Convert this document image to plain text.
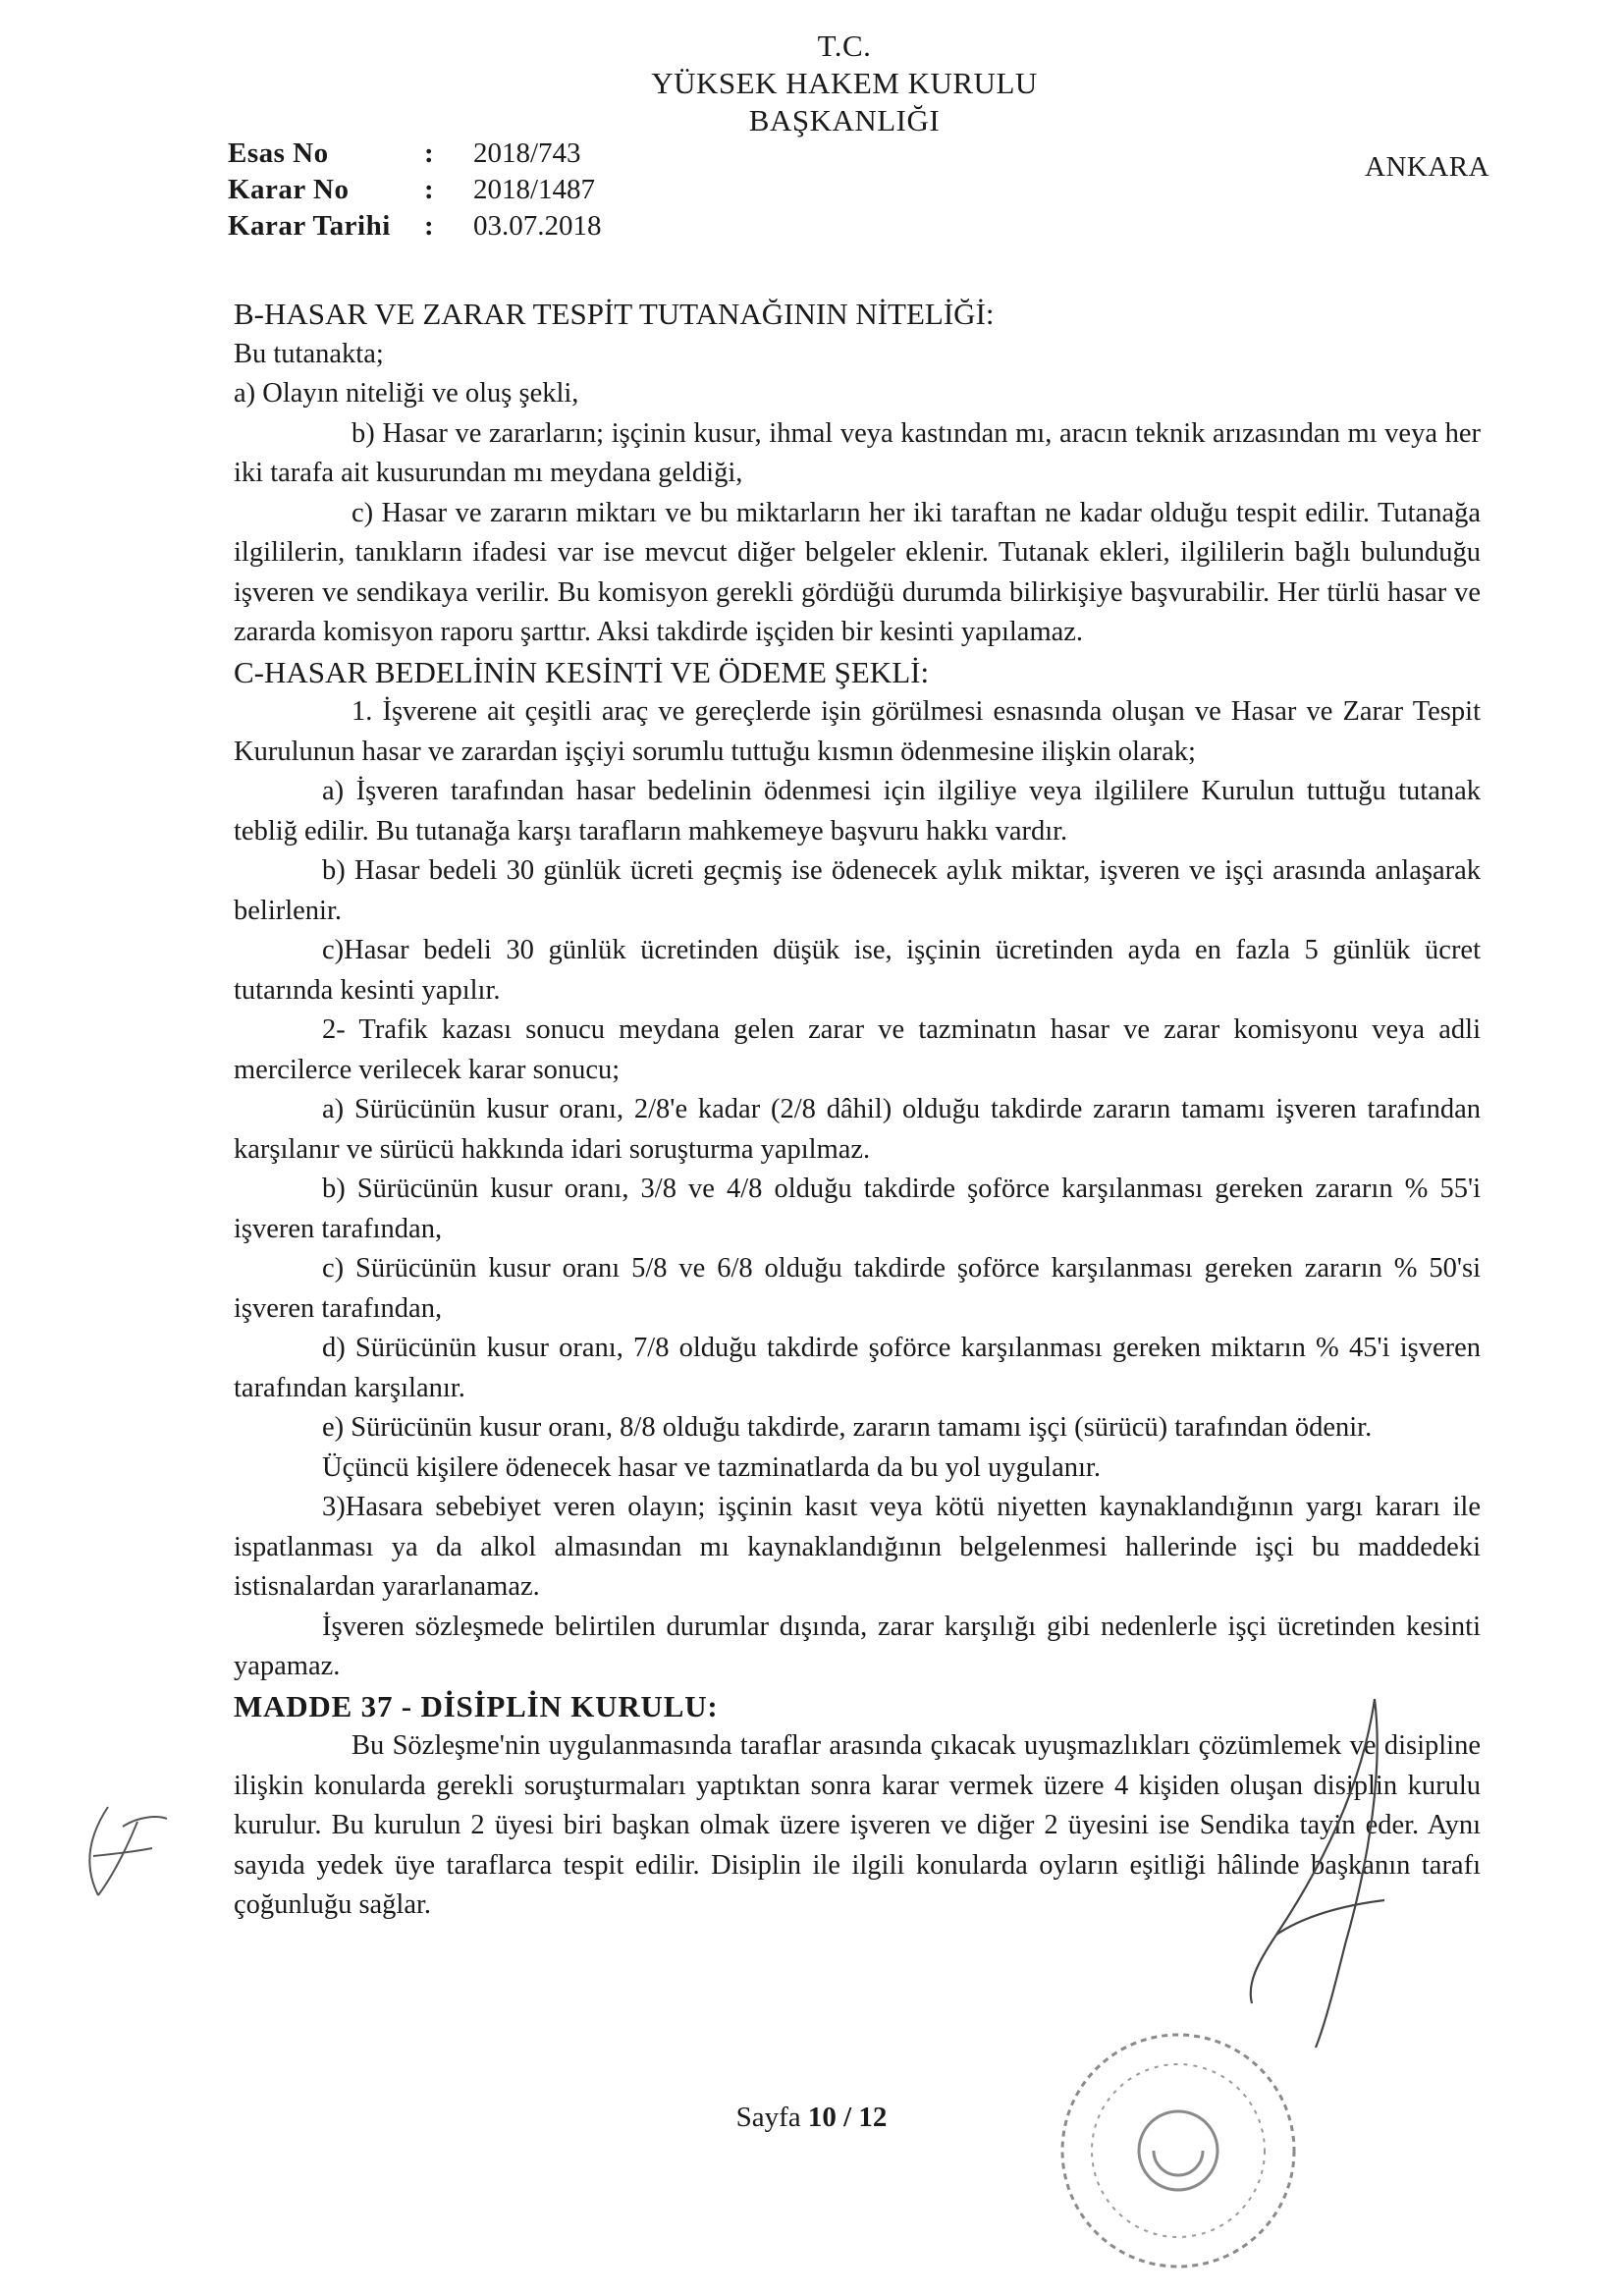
T.C.
YÜKSEK HAKEM KURULU
BAŞKANLIĞI
Esas No	:	2018/743
Karar No	:	2018/1487
Karar Tarihi	:	03.07.2018
ANKARA

B-HASAR VE ZARAR TESPİT TUTANAĞININ NİTELİĞİ:

Bu tutanakta;

a) Olayın niteliği ve oluş şekli,

b) Hasar ve zararların; işçinin kusur, ihmal veya kastından mı, aracın teknik arızasından mı veya her iki tarafa ait kusurundan mı meydana geldiği,

c) Hasar ve zararın miktarı ve bu miktarların her iki taraftan ne kadar olduğu tespit edilir. Tutanağa ilgililerin, tanıkların ifadesi var ise mevcut diğer belgeler eklenir. Tutanak ekleri, ilgililerin bağlı bulunduğu işveren ve sendikaya verilir. Bu komisyon gerekli gördüğü durumda bilirkişiye başvurabilir. Her türlü hasar ve zararda komisyon raporu şarttır. Aksi takdirde işçiden bir kesinti yapılamaz.

C-HASAR BEDELİNİN KESİNTİ VE ÖDEME ŞEKLİ:

1. İşverene ait çeşitli araç ve gereçlerde işin görülmesi esnasında oluşan ve Hasar ve Zarar Tespit Kurulunun hasar ve zarardan işçiyi sorumlu tuttuğu kısmın ödenmesine ilişkin olarak;

a) İşveren tarafından hasar bedelinin ödenmesi için ilgiliye veya ilgililere Kurulun tuttuğu tutanak tebliğ edilir. Bu tutanağa karşı tarafların mahkemeye başvuru hakkı vardır.

b) Hasar bedeli 30 günlük ücreti geçmiş ise ödenecek aylık miktar, işveren ve işçi arasında anlaşarak belirlenir.

c)Hasar bedeli 30 günlük ücretinden düşük ise, işçinin ücretinden ayda en fazla 5 günlük ücret tutarında kesinti yapılır.

2- Trafik kazası sonucu meydana gelen zarar ve tazminatın hasar ve zarar komisyonu veya adli mercilerce verilecek karar sonucu;

a) Sürücünün kusur oranı, 2/8'e kadar (2/8 dâhil) olduğu takdirde zararın tamamı işveren tarafından karşılanır ve sürücü hakkında idari soruşturma yapılmaz.

b) Sürücünün kusur oranı, 3/8 ve 4/8 olduğu takdirde şoförce karşılanması gereken zararın % 55'i işveren tarafından,

c) Sürücünün kusur oranı 5/8 ve 6/8 olduğu takdirde şoförce karşılanması gereken zararın % 50'si işveren tarafından,

d) Sürücünün kusur oranı, 7/8 olduğu takdirde şoförce karşılanması gereken miktarın % 45'i işveren tarafından karşılanır.

e) Sürücünün kusur oranı, 8/8 olduğu takdirde, zararın tamamı işçi (sürücü) tarafından ödenir.

Üçüncü kişilere ödenecek hasar ve tazminatlarda da bu yol uygulanır.

3)Hasara sebebiyet veren olayın; işçinin kasıt veya kötü niyetten kaynaklandığının yargı kararı ile ispatlanması ya da alkol almasından mı kaynaklandığının belgelenmesi hallerinde işçi bu maddedeki istisnalardan yararlanamaz.

İşveren sözleşmede belirtilen durumlar dışında, zarar karşılığı gibi nedenlerle işçi ücretinden kesinti yapamaz.

MADDE 37 - DİSİPLİN KURULU:

Bu Sözleşme'nin uygulanmasında taraflar arasında çıkacak uyuşmazlıkları çözümlemek ve disipline ilişkin konularda gerekli soruşturmaları yaptıktan sonra karar vermek üzere 4 kişiden oluşan disiplin kurulu kurulur. Bu kurulun 2 üyesi biri başkan olmak üzere işveren ve diğer 2 üyesini ise Sendika tayin eder. Aynı sayıda yedek üye taraflarca tespit edilir. Disiplin ile ilgili konularda oyların eşitliği hâlinde başkanın tarafı çoğunluğu sağlar.

Sayfa 10 / 12
